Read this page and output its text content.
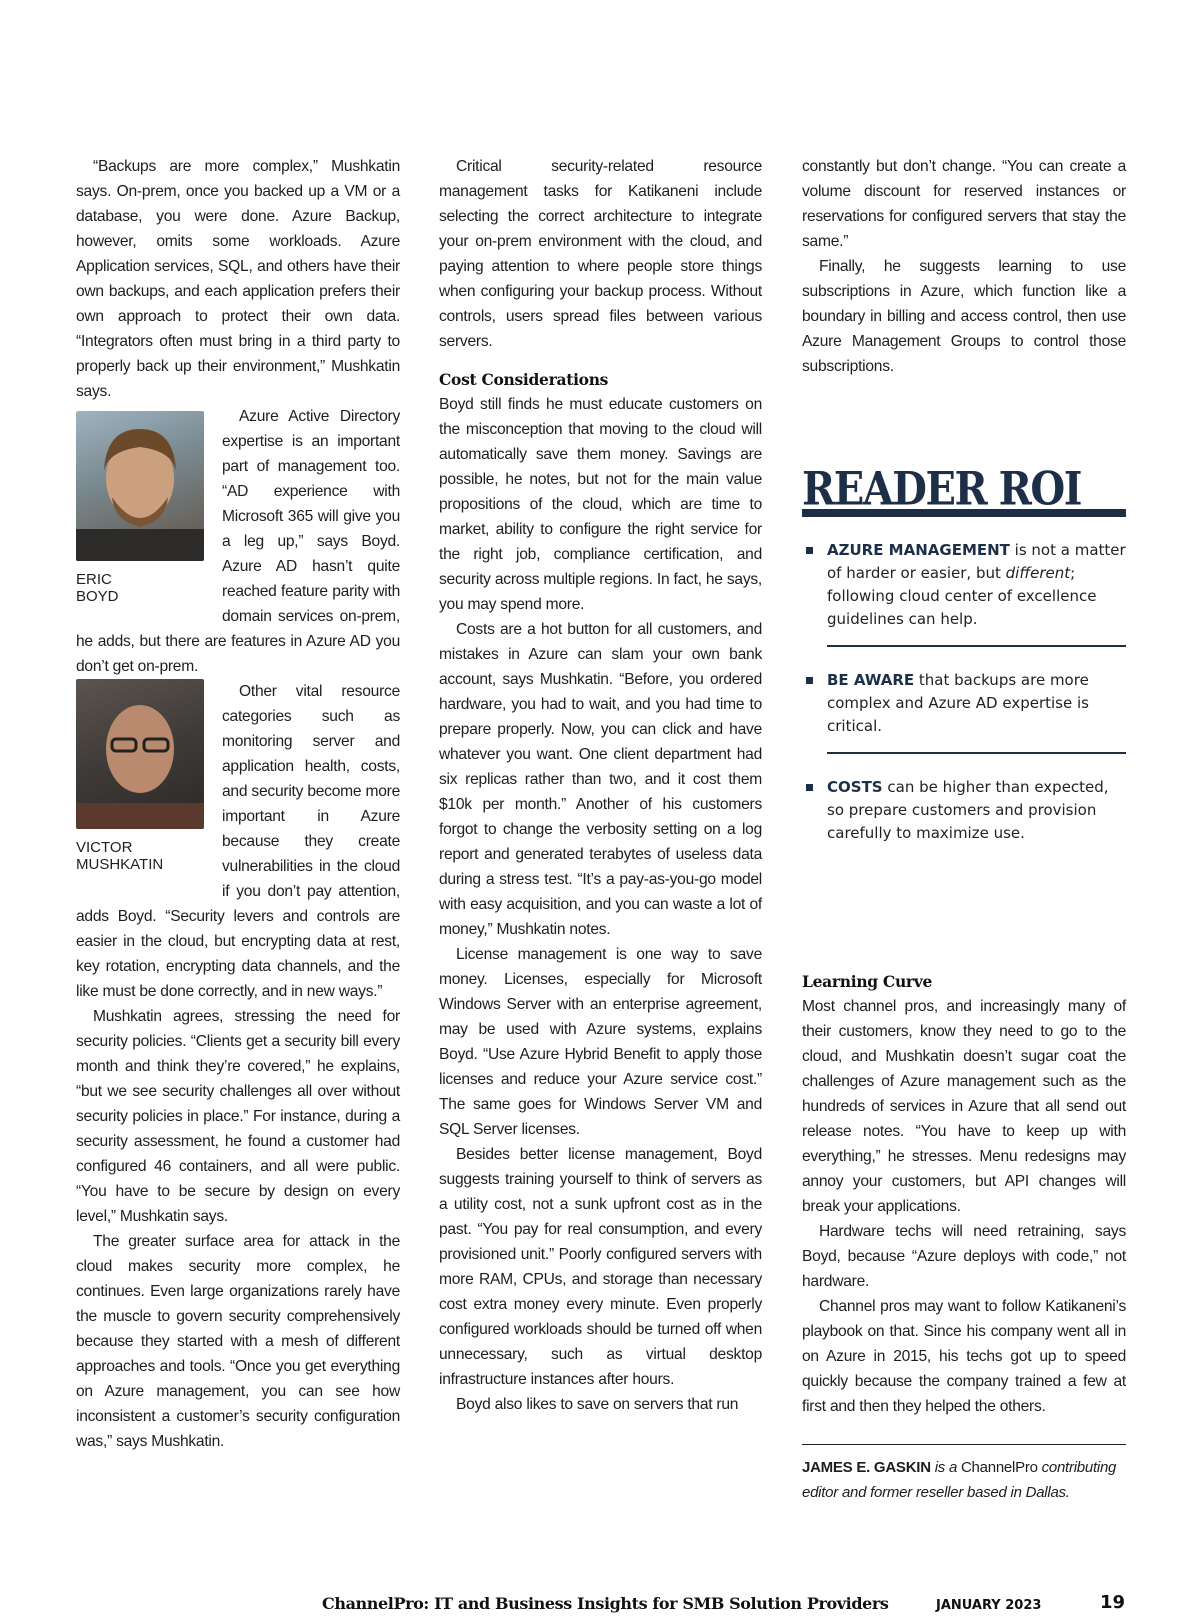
“Backups are more complex,” Mushkatin says. On-prem, once you backed up a VM or a database, you were done. Azure Backup, however, omits some workloads. Azure Application services, SQL, and others have their own backups, and each application prefers their own approach to protect their own data. “Integrators often must bring in a third party to properly back up their environment,” Mushkatin says.

ERIC
BOYD

Azure Active Directory expertise is an important part of management too. “AD experience with Microsoft 365 will give you a leg up,” says Boyd. Azure AD hasn’t quite reached feature parity with domain services on-prem, he adds, but there are features in Azure AD you don’t get on-prem.

VICTOR
MUSHKATIN

Other vital resource categories such as monitoring server and application health, costs, and security become more important in Azure because they create vulnerabilities in the cloud if you don’t pay attention, adds Boyd. “Security levers and controls are easier in the cloud, but encrypting data at rest, key rotation, encrypting data channels, and the like must be done correctly, and in new ways.”

Mushkatin agrees, stressing the need for security policies. “Clients get a security bill every month and think they’re covered,” he explains, “but we see security challenges all over without security policies in place.” For instance, during a security assessment, he found a customer had configured 46 containers, and all were public. “You have to be secure by design on every level,” Mushkatin says.

The greater surface area for attack in the cloud makes security more complex, he continues. Even large organizations rarely have the muscle to govern security comprehensively because they started with a mesh of different approaches and tools. “Once you get everything on Azure management, you can see how inconsistent a customer’s security configuration was,” says Mushkatin.

Critical security-related resource management tasks for Katikaneni include selecting the correct architecture to integrate your on-prem environment with the cloud, and paying attention to where people store things when configuring your backup process. Without controls, users spread files between various servers.

Cost Considerations

Boyd still finds he must educate customers on the misconception that moving to the cloud will automatically save them money. Savings are possible, he notes, but not for the main value propositions of the cloud, which are time to market, ability to configure the right service for the right job, compliance certification, and security across multiple regions. In fact, he says, you may spend more.

Costs are a hot button for all customers, and mistakes in Azure can slam your own bank account, says Mushkatin. “Before, you ordered hardware, you had to wait, and you had time to prepare properly. Now, you can click and have whatever you want. One client department had six replicas rather than two, and it cost them $10k per month.” Another of his customers forgot to change the verbosity setting on a log report and generated terabytes of useless data during a stress test. “It’s a pay-as-you-go model with easy acquisition, and you can waste a lot of money,” Mushkatin notes.

License management is one way to save money. Licenses, especially for Microsoft Windows Server with an enterprise agreement, may be used with Azure systems, explains Boyd. “Use Azure Hybrid Benefit to apply those licenses and reduce your Azure service cost.” The same goes for Windows Server VM and SQL Server licenses.

Besides better license management, Boyd suggests training yourself to think of servers as a utility cost, not a sunk upfront cost as in the past. “You pay for real consumption, and every provisioned unit.” Poorly configured servers with more RAM, CPUs, and storage than necessary cost extra money every minute. Even properly configured workloads should be turned off when unnecessary, such as virtual desktop infrastructure instances after hours.

Boyd also likes to save on servers that run

constantly but don’t change. “You can create a volume discount for reserved instances or reservations for configured servers that stay the same.”

Finally, he suggests learning to use subscriptions in Azure, which function like a boundary in billing and access control, then use Azure Management Groups to control those subscriptions.

READER ROI
AZURE MANAGEMENT is not a matter of harder or easier, but different; following cloud center of excellence guidelines can help.
BE AWARE that backups are more complex and Azure AD expertise is critical.
COSTS can be higher than expected, so prepare customers and provision carefully to maximize use.
Learning Curve

Most channel pros, and increasingly many of their customers, know they need to go to the cloud, and Mushkatin doesn’t sugar coat the challenges of Azure management such as the hundreds of services in Azure that all send out release notes. “You have to keep up with everything,” he stresses. Menu redesigns may annoy your customers, but API changes will break your applications.

Hardware techs will need retraining, says Boyd, because “Azure deploys with code,” not hardware.

Channel pros may want to follow Katikaneni’s playbook on that. Since his company went all in on Azure in 2015, his techs got up to speed quickly because the company trained a few at first and then they helped the others.

JAMES E. GASKIN is a ChannelPro contributing editor and former reseller based in Dallas.
ChannelPro: IT and Business Insights for SMB Solution Providers	JANUARY 2023	19
